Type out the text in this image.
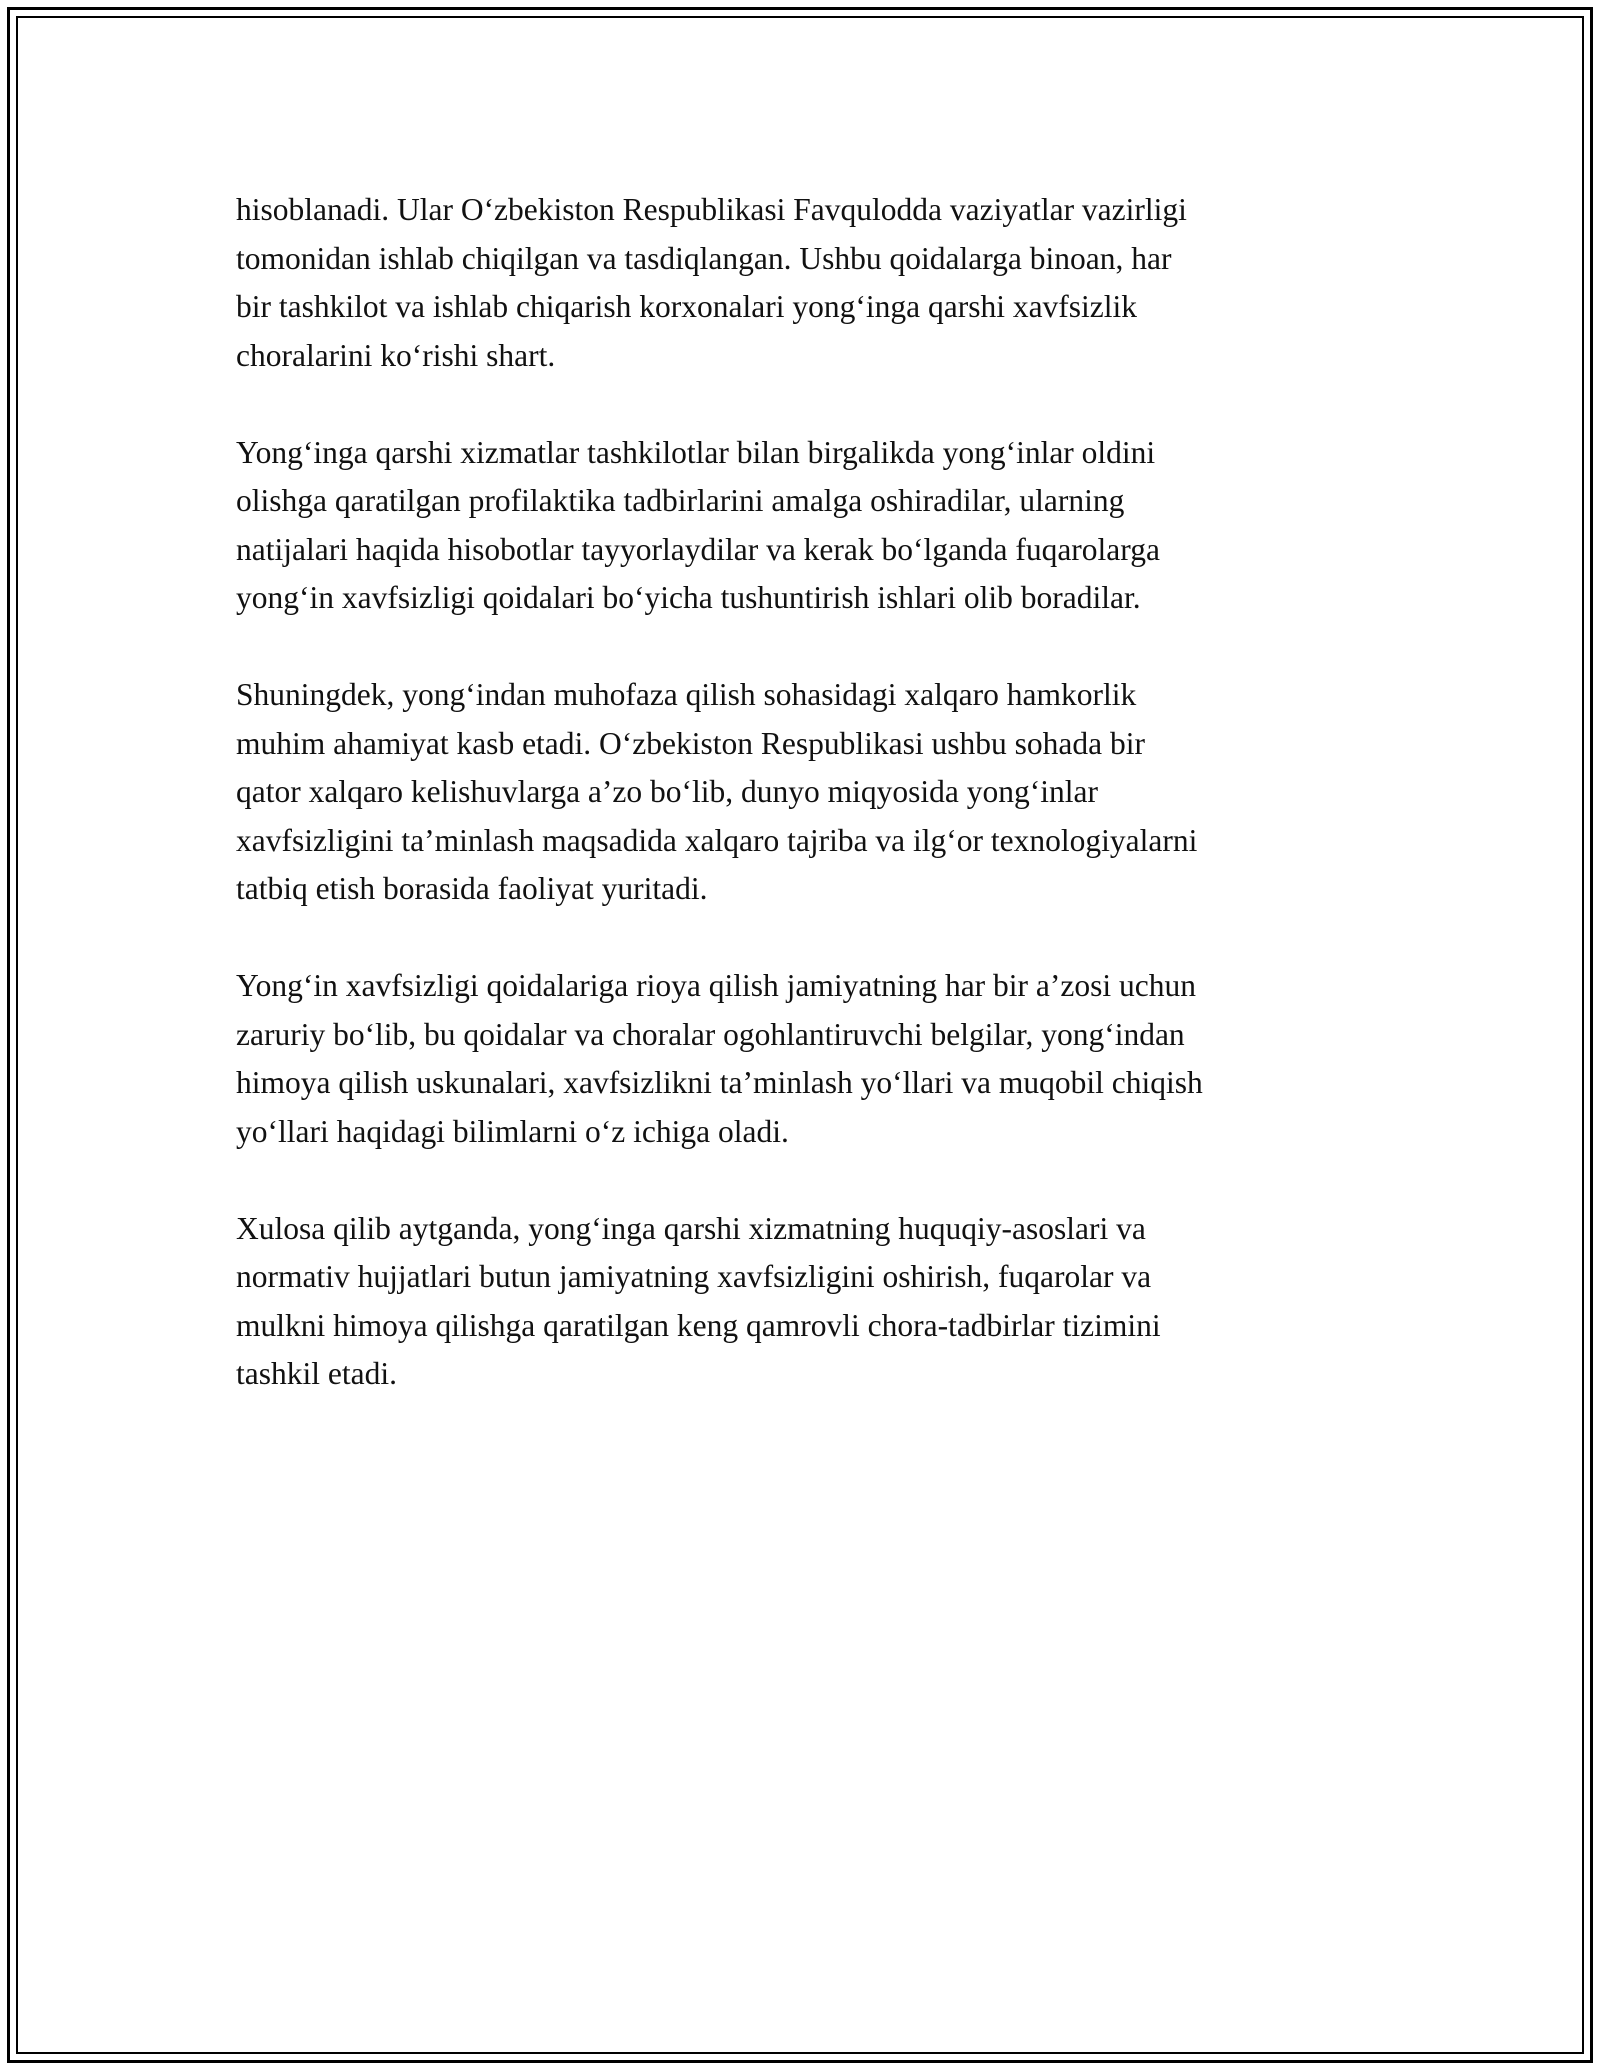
hisoblanadi. Ular O‘zbekiston Respublikasi Favqulodda vaziyatlar vazirligi
tomonidan ishlab chiqilgan va tasdiqlangan. Ushbu qoidalarga binoan, har
bir tashkilot va ishlab chiqarish korxonalari yong‘inga qarshi xavfsizlik
choralarini ko‘rishi shart.

Yong‘inga qarshi xizmatlar tashkilotlar bilan birgalikda yong‘inlar oldini
olishga qaratilgan profilaktika tadbirlarini amalga oshiradilar, ularning
natijalari haqida hisobotlar tayyorlaydilar va kerak bo‘lganda fuqarolarga
yong‘in xavfsizligi qoidalari bo‘yicha tushuntirish ishlari olib boradilar.

Shuningdek, yong‘indan muhofaza qilish sohasidagi xalqaro hamkorlik
muhim ahamiyat kasb etadi. O‘zbekiston Respublikasi ushbu sohada bir
qator xalqaro kelishuvlarga a’zo bo‘lib, dunyo miqyosida yong‘inlar
xavfsizligini ta’minlash maqsadida xalqaro tajriba va ilg‘or texnologiyalarni
tatbiq etish borasida faoliyat yuritadi.

Yong‘in xavfsizligi qoidalariga rioya qilish jamiyatning har bir a’zosi uchun
zaruriy bo‘lib, bu qoidalar va choralar ogohlantiruvchi belgilar, yong‘indan
himoya qilish uskunalari, xavfsizlikni ta’minlash yo‘llari va muqobil chiqish
yo‘llari haqidagi bilimlarni o‘z ichiga oladi.

Xulosa qilib aytganda, yong‘inga qarshi xizmatning huquqiy-asoslari va
normativ hujjatlari butun jamiyatning xavfsizligini oshirish, fuqarolar va
mulkni himoya qilishga qaratilgan keng qamrovli chora-tadbirlar tizimini
tashkil etadi.
